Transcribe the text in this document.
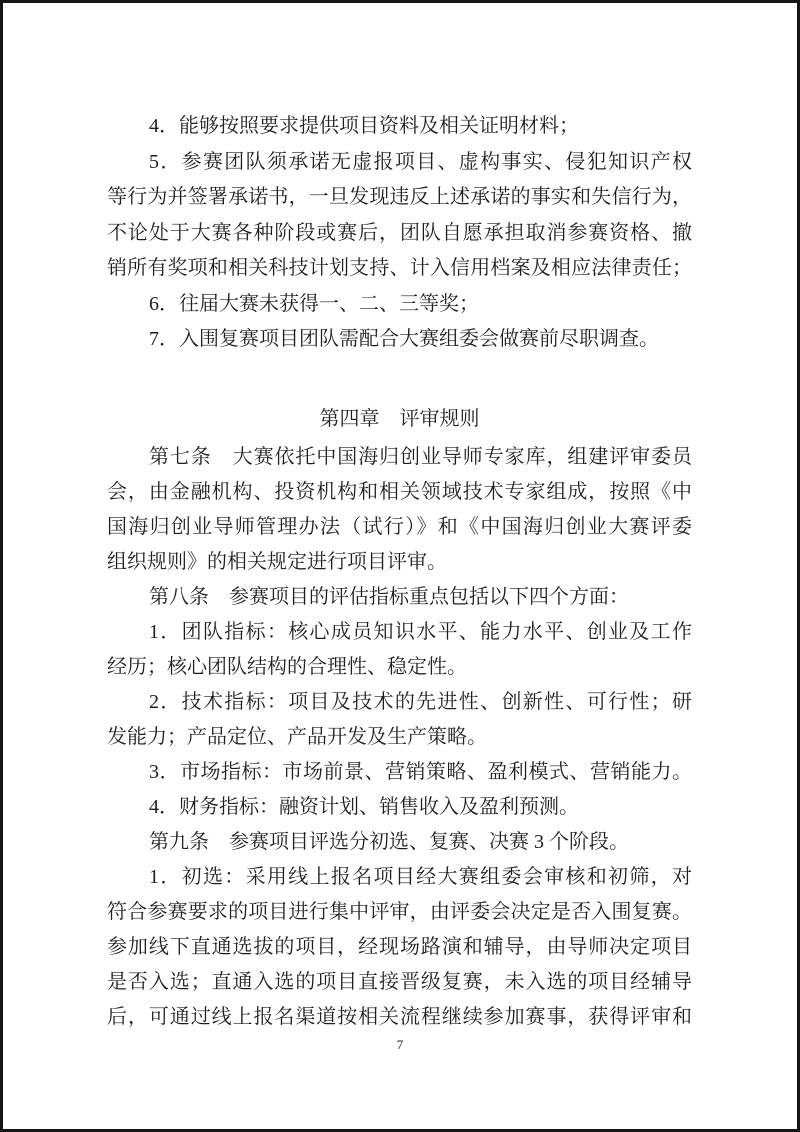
4．能够按照要求提供项目资料及相关证明材料；
5．参赛团队须承诺无虚报项目、虚构事实、侵犯知识产权
等行为并签署承诺书，一旦发现违反上述承诺的事实和失信行为，
不论处于大赛各种阶段或赛后，团队自愿承担取消参赛资格、撤
销所有奖项和相关科技计划支持、计入信用档案及相应法律责任；
6．往届大赛未获得一、二、三等奖；
7．入围复赛项目团队需配合大赛组委会做赛前尽职调查。
第四章　评审规则
第七条　大赛依托中国海归创业导师专家库，组建评审委员
会，由金融机构、投资机构和相关领域技术专家组成，按照《中
国海归创业导师管理办法（试行）》和《中国海归创业大赛评委
组织规则》的相关规定进行项目评审。
第八条　参赛项目的评估指标重点包括以下四个方面：
1．团队指标：核心成员知识水平、能力水平、创业及工作
经历；核心团队结构的合理性、稳定性。
2．技术指标：项目及技术的先进性、创新性、可行性；研
发能力；产品定位、产品开发及生产策略。
3．市场指标：市场前景、营销策略、盈利模式、营销能力。
4．财务指标：融资计划、销售收入及盈利预测。
第九条　参赛项目评选分初选、复赛、决赛 3 个阶段。
1．初选：采用线上报名项目经大赛组委会审核和初筛，对
符合参赛要求的项目进行集中评审，由评委会决定是否入围复赛。
参加线下直通选拔的项目，经现场路演和辅导，由导师决定项目
是否入选；直通入选的项目直接晋级复赛，未入选的项目经辅导
后，可通过线上报名渠道按相关流程继续参加赛事，获得评审和
7
